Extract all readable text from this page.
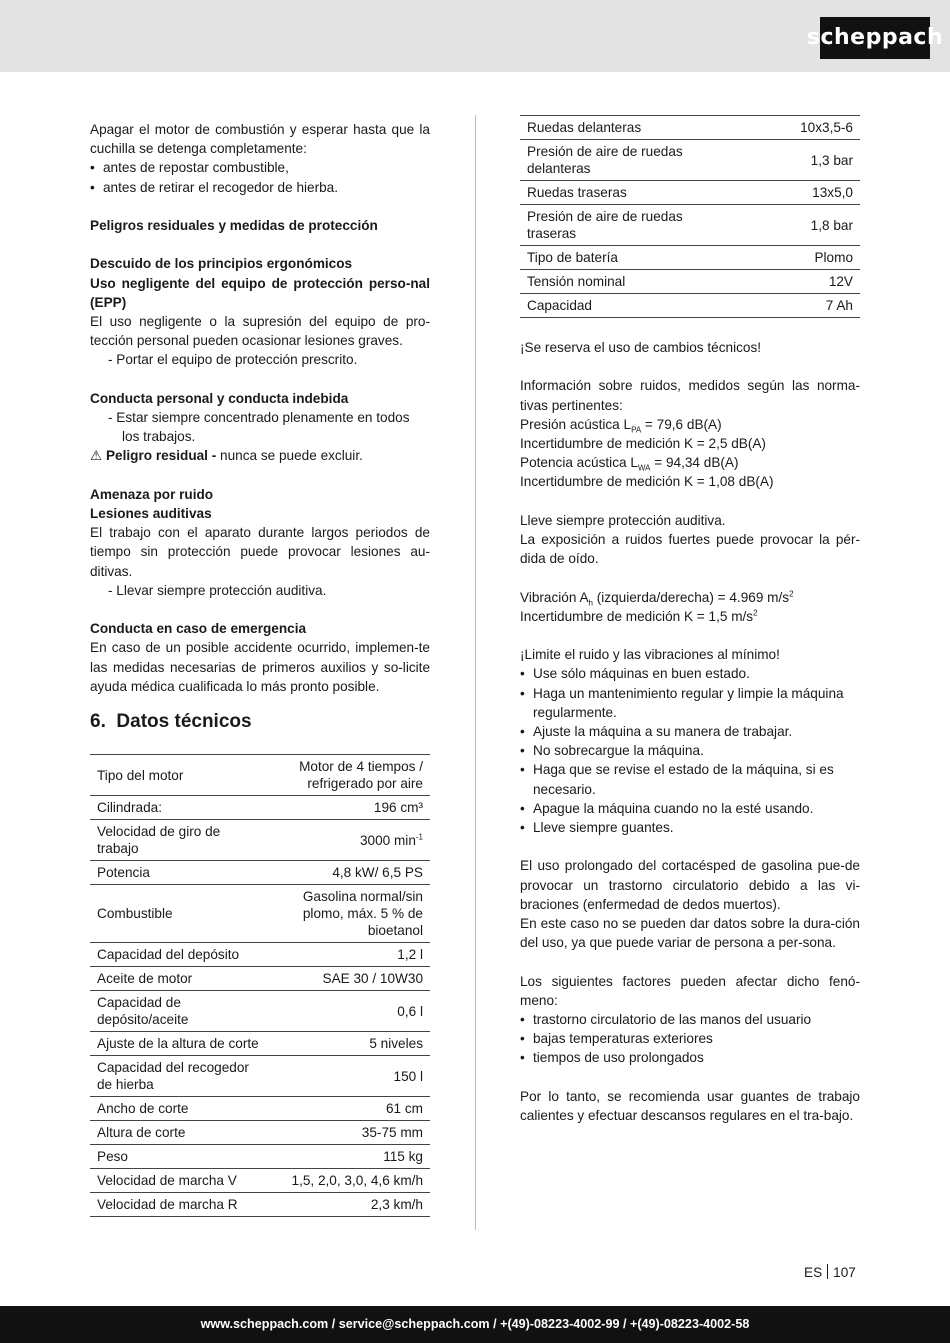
scheppach

Apagar el motor de combustión y esperar hasta que la cuchilla se detenga completamente:

• antes de repostar combustible,

• antes de retirar el recogedor de hierba.

Peligros residuales y medidas de protección

Descuido de los principios ergonómicos

Uso negligente del equipo de protección perso-nal (EPP)

El uso negligente o la supresión del equipo de pro-tección personal pueden ocasionar lesiones graves.

- Portar el equipo de protección prescrito.

Conducta personal y conducta indebida

- Estar siempre concentrado plenamente en todos

los trabajos.

⚠ Peligro residual - nunca se puede excluir.

Amenaza por ruido

Lesiones auditivas

El trabajo con el aparato durante largos periodos de tiempo sin protección puede provocar lesiones au-ditivas.

- Llevar siempre protección auditiva.

Conducta en caso de emergencia

En caso de un posible accidente ocurrido, implemen-te las medidas necesarias de primeros auxilios y so-licite ayuda médica cualificada lo más pronto posible.

6. Datos técnicos
Tipo del motor	Motor de 4 tiempos / refrigerado por aire
Cilindrada:	196 cm³
Velocidad de giro de trabajo	3000 $\min^{-1}$
Potencia	4,8 kW/ 6,5 PS
Combustible	Gasolina normal/sin plomo, máx. 5 % de bioetanol
Capacidad del depósito	1,2 l
Aceite de motor	SAE 30 / 10W30
Capacidad de depósito/aceite	0,6 l
Ajuste de la altura de corte	5 niveles
Capacidad del recogedor de hierba	150 l
Ancho de corte	61 cm
Altura de corte	35-75 mm
Peso	115 kg
Velocidad de marcha V	1,5, 2,0, 3,0, 4,6 km/h
Velocidad de marcha R	2,3 km/h
Ruedas delanteras	10x3,5-6
Presión de aire de ruedas delanteras	1,3 bar
Ruedas traseras	13x5,0
Presión de aire de ruedas traseras	1,8 bar
Tipo de batería	Plomo
Tensión nominal	12V
Capacidad	7 Ah

¡Se reserva el uso de cambios técnicos!

Información sobre ruidos, medidos según las norma-tivas pertinentes:

Presión acústica $L_{PA} = 79,6$ dB(A)

Incertidumbre de medición K = 2,5 dB(A)

Potencia acústica $L_{WA} = 94,34$ dB(A)

Incertidumbre de medición K = 1,08 dB(A)

Lleve siempre protección auditiva.

La exposición a ruidos fuertes puede provocar la pér-dida de oído.

Vibración $A_h$ (izquierda/derecha) = 4.969 $m/s^2$

Incertidumbre de medición K = 1,5 $m/s^2$

¡Limite el ruido y las vibraciones al mínimo!

• Use sólo máquinas en buen estado.

• Haga un mantenimiento regular y limpie la máquina regularmente.

• Ajuste la máquina a su manera de trabajar.

• No sobrecargue la máquina.

• Haga que se revise el estado de la máquina, si es necesario.

• Apague la máquina cuando no la esté usando.

• Lleve siempre guantes.

El uso prolongado del cortacésped de gasolina pue-de provocar un trastorno circulatorio debido a las vi-braciones (enfermedad de dedos muertos).

En este caso no se pueden dar datos sobre la dura-ción del uso, ya que puede variar de persona a per-sona.

Los siguientes factores pueden afectar dicho fenó-meno:

• trastorno circulatorio de las manos del usuario

• bajas temperaturas exteriores

• tiempos de uso prolongados

Por lo tanto, se recomienda usar guantes de trabajo calientes y efectuar descansos regulares en el tra-bajo.

ES 107
www.scheppach.com / service@scheppach.com / +(49)-08223-4002-99 / +(49)-08223-4002-58
